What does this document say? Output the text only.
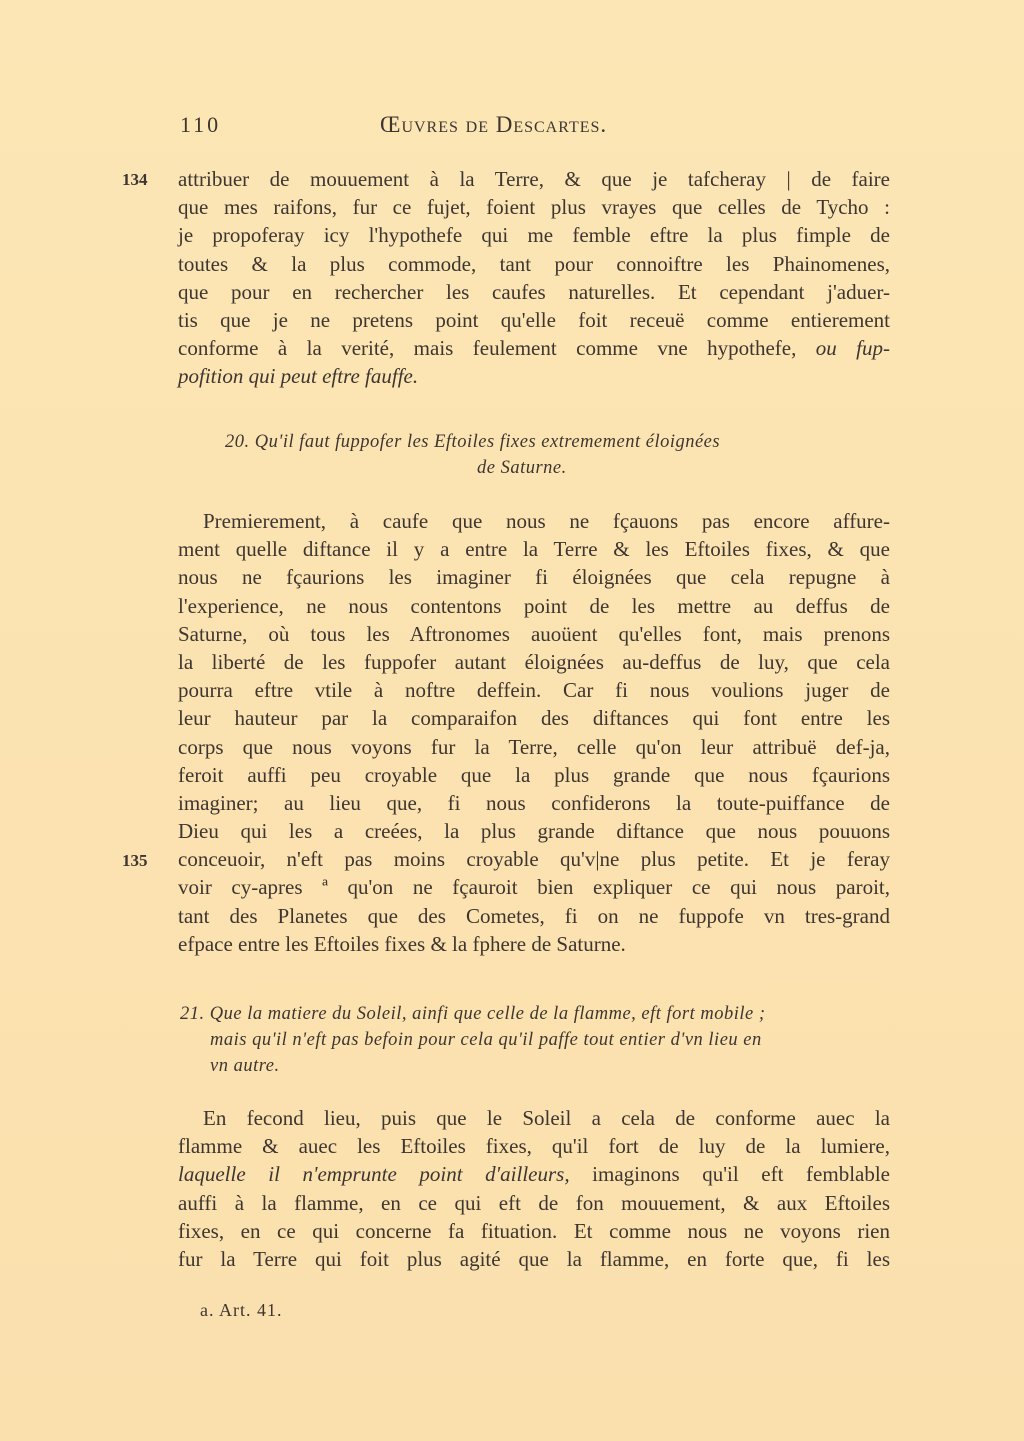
110	Œuvres de Descartes.
134
135
attribuer de mouuement à la Terre, & que je tafcheray | de faire
que mes raifons, fur ce fujet, foient plus vrayes que celles de Tycho :
je propoferay icy l'hypothefe qui me femble eftre la plus fimple de
toutes & la plus commode, tant pour connoiftre les Phainomenes,
que pour en rechercher les caufes naturelles. Et cependant j'aduer-
tis que je ne pretens point qu'elle foit receuë comme entierement
conforme à la verité, mais feulement comme vne hypothefe, ou fup-
pofition qui peut eftre fauffe.
20. Qu'il faut fuppofer les Eftoiles fixes extremement éloignées
de Saturne.
Premierement, à caufe que nous ne fçauons pas encore affure-
ment quelle diftance il y a entre la Terre & les Eftoiles fixes, & que
nous ne fçaurions les imaginer fi éloignées que cela repugne à
l'experience, ne nous contentons point de les mettre au deffus de
Saturne, où tous les Aftronomes auoüent qu'elles font, mais prenons
la liberté de les fuppofer autant éloignées au-deffus de luy, que cela
pourra eftre vtile à noftre deffein. Car fi nous voulions juger de
leur hauteur par la comparaifon des diftances qui font entre les
corps que nous voyons fur la Terre, celle qu'on leur attribuë def-ja,
feroit auffi peu croyable que la plus grande que nous fçaurions
imaginer; au lieu que, fi nous confiderons la toute-puiffance de
Dieu qui les a creées, la plus grande diftance que nous pouuons
conceuoir, n'eft pas moins croyable qu'v|ne plus petite. Et je feray
voir cy-apres ª qu'on ne fçauroit bien expliquer ce qui nous paroit,
tant des Planetes que des Cometes, fi on ne fuppofe vn tres-grand
efpace entre les Eftoiles fixes & la fphere de Saturne.
21. Que la matiere du Soleil, ainfi que celle de la flamme, eft fort mobile ;
mais qu'il n'eft pas befoin pour cela qu'il paffe tout entier d'vn lieu en
vn autre.
En fecond lieu, puis que le Soleil a cela de conforme auec la
flamme & auec les Eftoiles fixes, qu'il fort de luy de la lumiere,
laquelle il n'emprunte point d'ailleurs, imaginons qu'il eft femblable
auffi à la flamme, en ce qui eft de fon mouuement, & aux Eftoiles
fixes, en ce qui concerne fa fituation. Et comme nous ne voyons rien
fur la Terre qui foit plus agité que la flamme, en forte que, fi les
a. Art. 41.
